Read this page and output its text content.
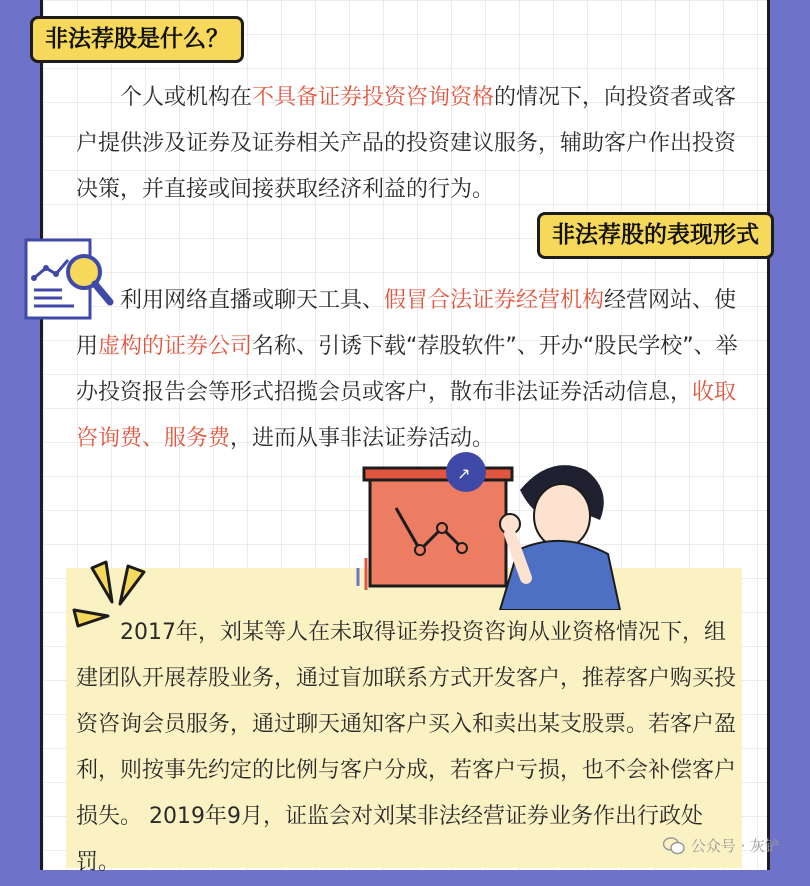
非法荐股是什么？
个人或机构在不具备证券投资咨询资格的情况下，向投资者或客户提供涉及证券及证券相关产品的投资建议服务，辅助客户作出投资决策，并直接或间接获取经济利益的行为。
非法荐股的表现形式
利用网络直播或聊天工具、假冒合法证券经营机构经营网站、使用虚构的证券公司名称、引诱下载“荐股软件”、开办“股民学校”、举办投资报告会等形式招揽会员或客户，散布非法证券活动信息，收取咨询费、服务费，进而从事非法证券活动。
↗
2017年，刘某等人在未取得证券投资咨询从业资格情况下，组建团队开展荐股业务，通过盲加联系方式开发客户，推荐客户购买投资咨询会员服务，通过聊天通知客户买入和卖出某支股票。若客户盈利，则按事先约定的比例与客户分成，若客户亏损，也不会补偿客户损失。 2019年9月，证监会对刘某非法经营证券业务作出行政处罚。
公众号 · 灰铲
